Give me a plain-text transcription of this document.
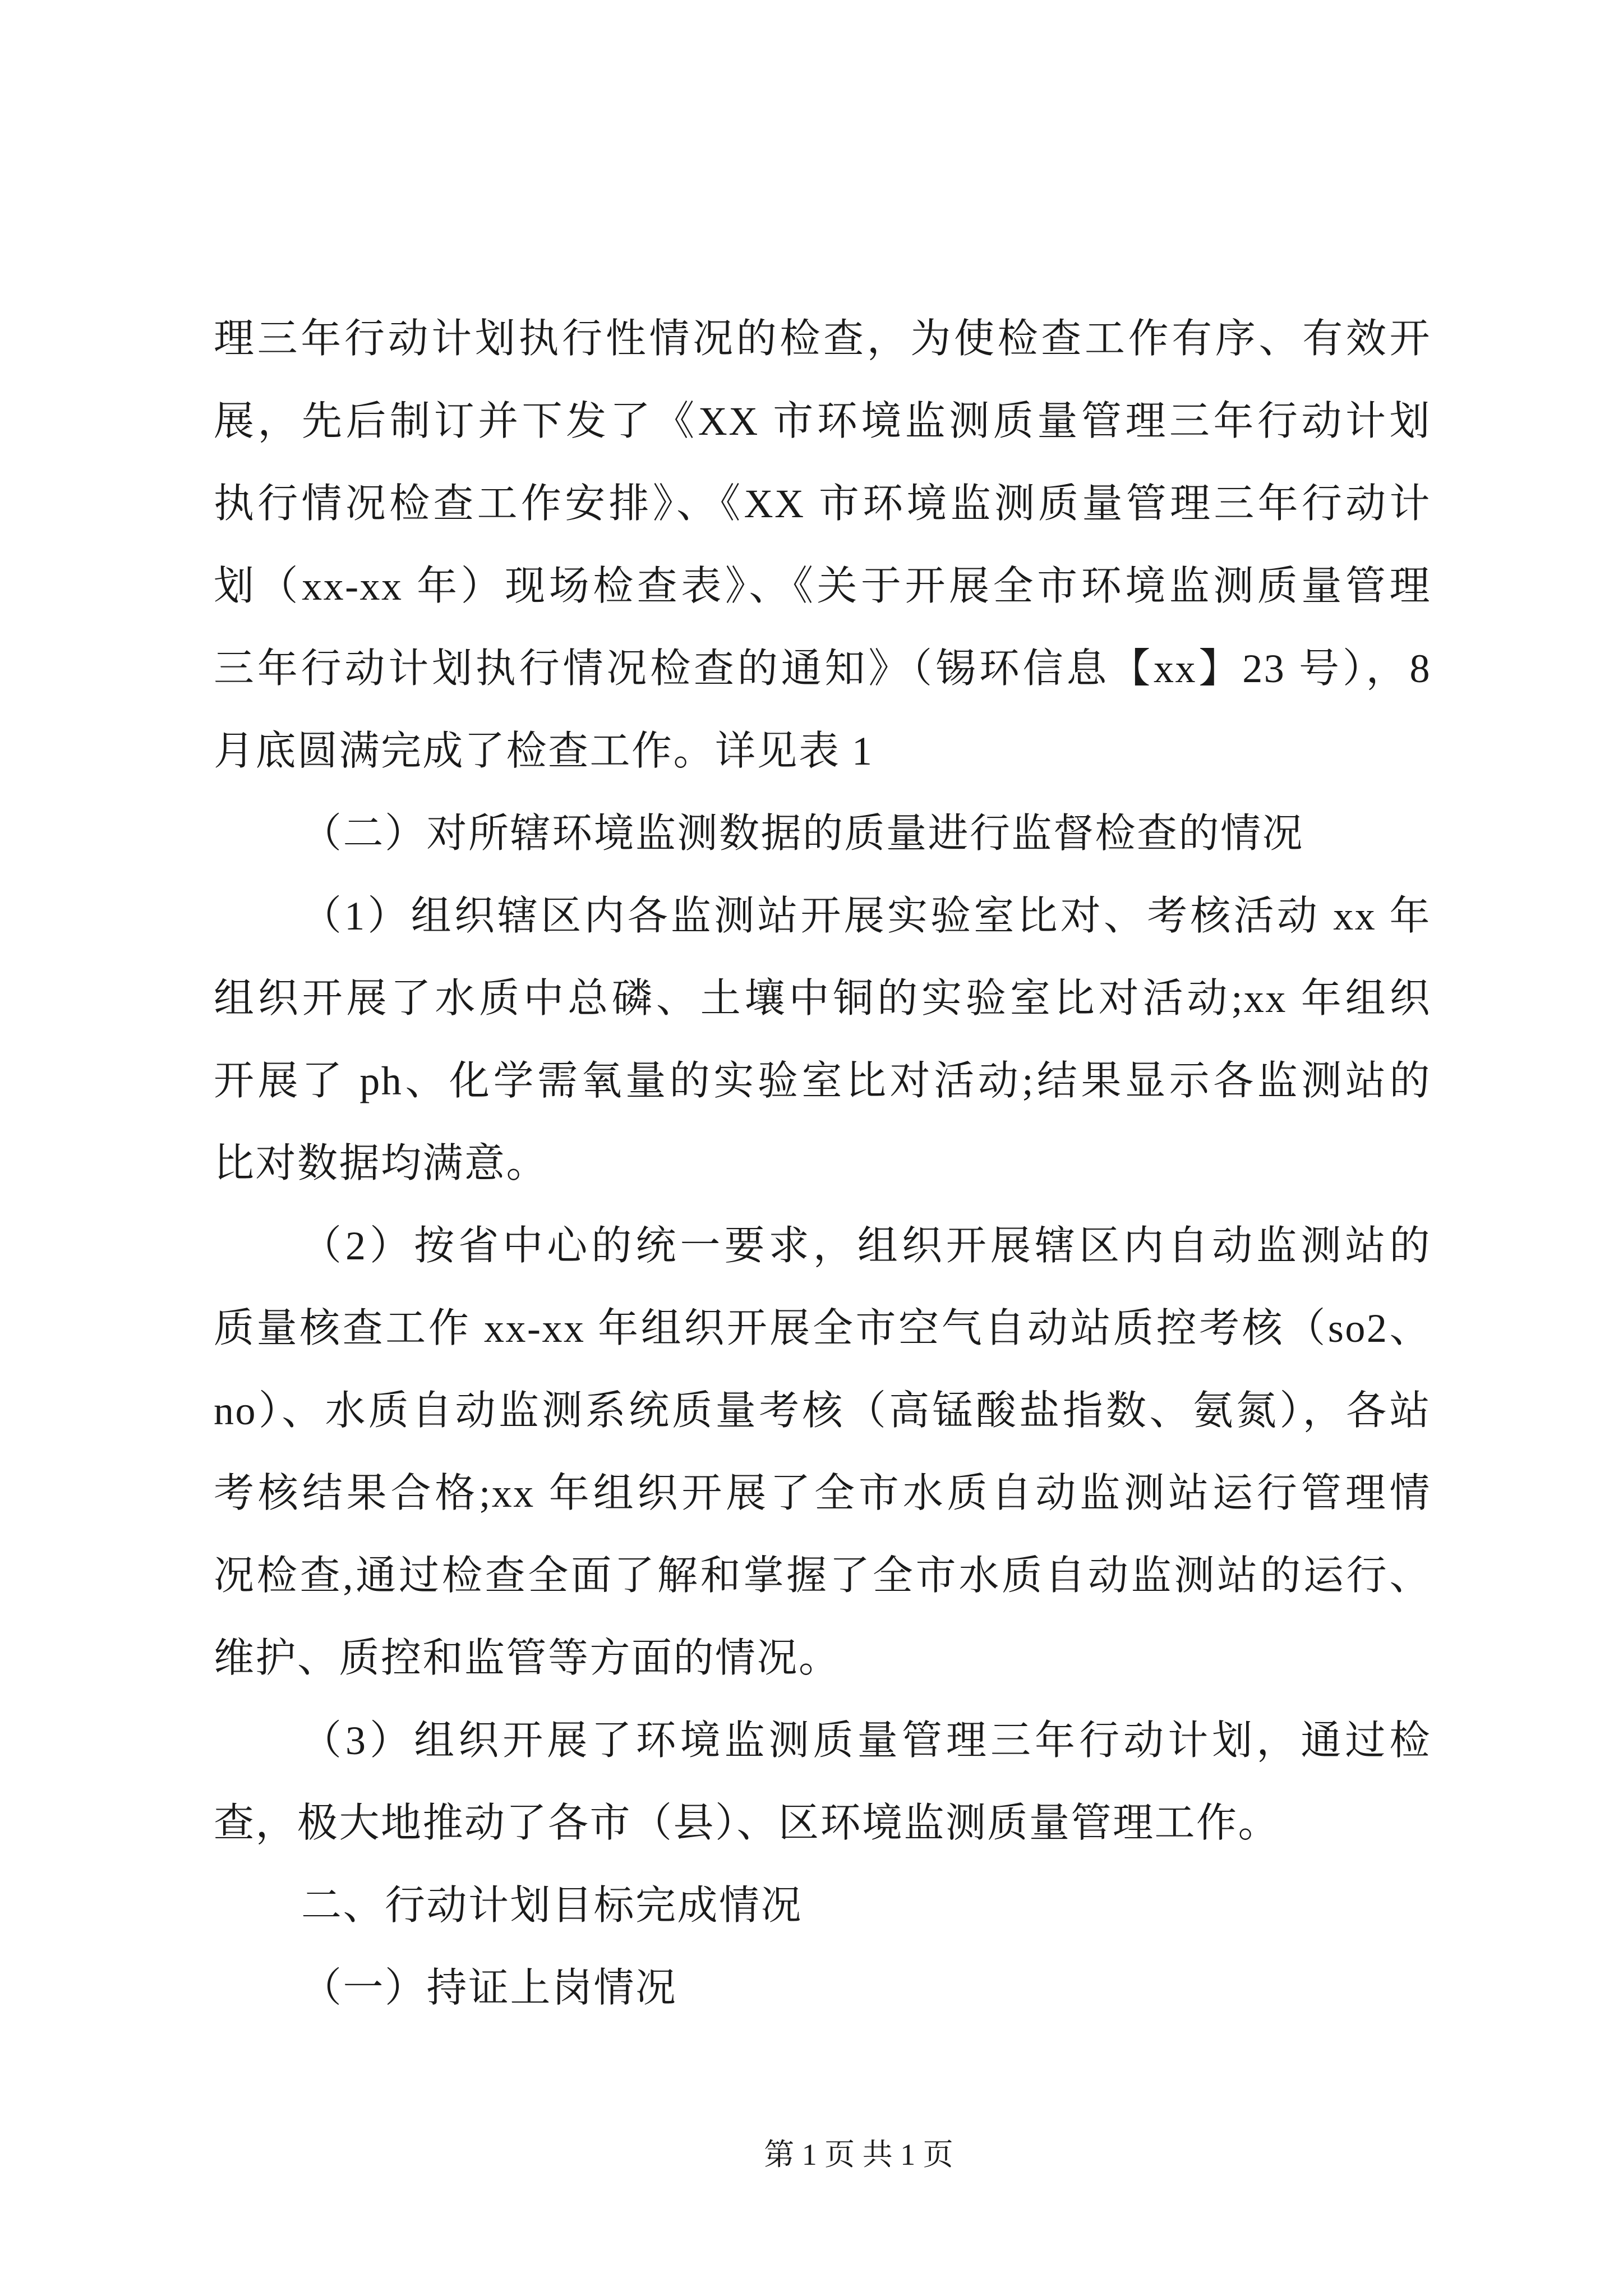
理三年行动计划执行性情况的检查，为使检查工作有序、有效开
展，先后制订并下发了《XX 市环境监测质量管理三年行动计划
执行情况检查工作安排》、《XX 市环境监测质量管理三年行动计
划（xx-xx 年）现场检查表》、《关于开展全市环境监测质量管理
三年行动计划执行情况检查的通知》（锡环信息【xx】23 号），8
月底圆满完成了检查工作。详见表 1
（二）对所辖环境监测数据的质量进行监督检查的情况
（1）组织辖区内各监测站开展实验室比对、考核活动 xx 年
组织开展了水质中总磷、土壤中铜的实验室比对活动;xx 年组织
开展了 ph、化学需氧量的实验室比对活动;结果显示各监测站的
比对数据均满意。
（2）按省中心的统一要求，组织开展辖区内自动监测站的
质量核查工作 xx-xx 年组织开展全市空气自动站质控考核（so2、
no）、水质自动监测系统质量考核（高锰酸盐指数、氨氮），各站
考核结果合格;xx 年组织开展了全市水质自动监测站运行管理情
况检查,通过检查全面了解和掌握了全市水质自动监测站的运行、
维护、质控和监管等方面的情况。
（3）组织开展了环境监测质量管理三年行动计划，通过检
查，极大地推动了各市（县）、区环境监测质量管理工作。
二、行动计划目标完成情况
（一）持证上岗情况
第 1 页 共 1 页
